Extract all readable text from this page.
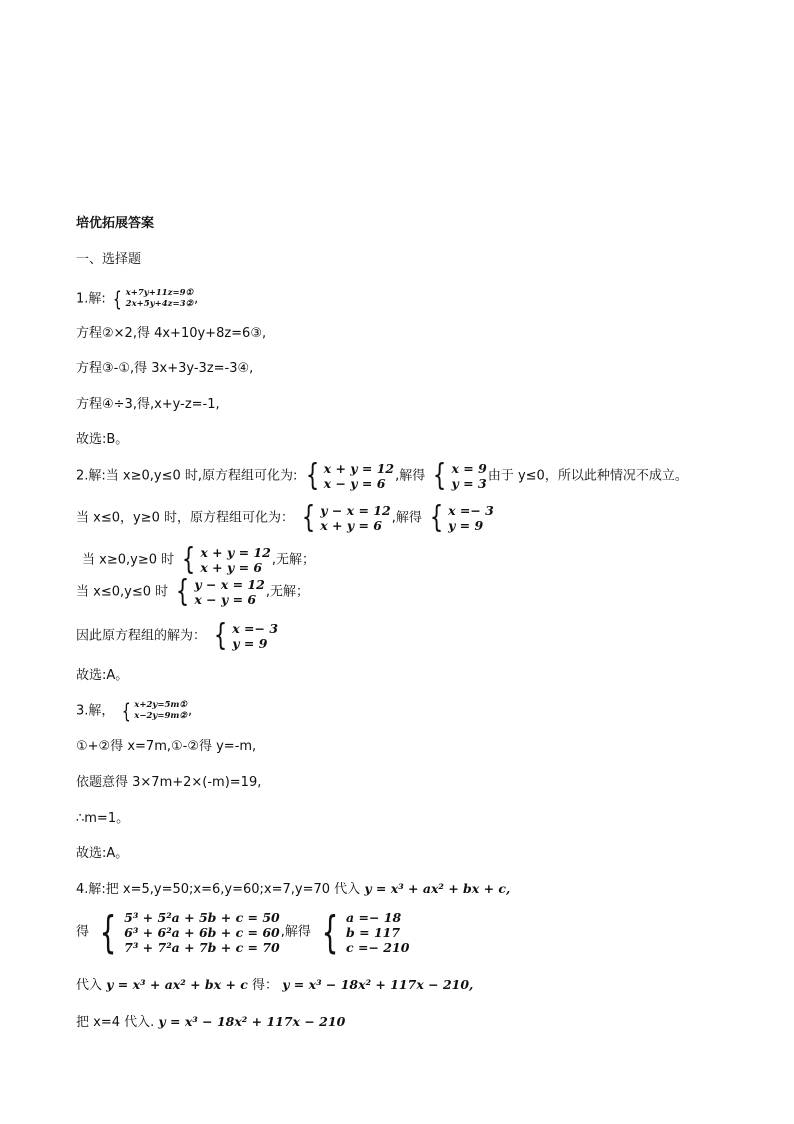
培优拓展答案
一、选择题
1.解: { x+7y+11z=9①
2x+5y+4z=3② ,
方程②×2,得 4x+10y+8z=6③,
方程③-①,得 3x+3y-3z=-3④,
方程④÷3,得,x+y-z=-1,
故选:B。
2.解:当 x≥0,y≤0 时,原方程组可化为: { x + y = 12
x − y = 6 ,解得 { x = 9
y = 3 由于 y≤0，所以此种情况不成立。
当 x≤0，y≥0 时，原方程组可化为： { y − x = 12
x + y = 6 ,解得 { x =− 3
y = 9
当 x≥0,y≥0 时 { x + y = 12
x + y = 6 ,无解；
当 x≤0,y≤0 时 { y − x = 12
x − y = 6 ,无解；
因此原方程组的解为： { x =− 3
y = 9
故选:A。
3.解， { x+2y=5m①
x−2y=9m② ,
①+②得 x=7m,①-②得 y=-m,
依题意得 3×7m+2×(-m)=19,
∴m=1。
故选:A。
4.解:把 x=5,y=50;x=6,y=60;x=7,y=70 代入 y = x³ + ax² + bx + c,
得 { 5³ + 5²a + 5b + c = 50
6³ + 6²a + 6b + c = 60
7³ + 7²a + 7b + c = 70
,解得 { a =− 18
b = 117
c =− 210
代入 y = x³ + ax² + bx + c 得： y = x³ − 18x² + 117x − 210,
把 x=4 代入. y = x³ − 18x² + 117x − 210
